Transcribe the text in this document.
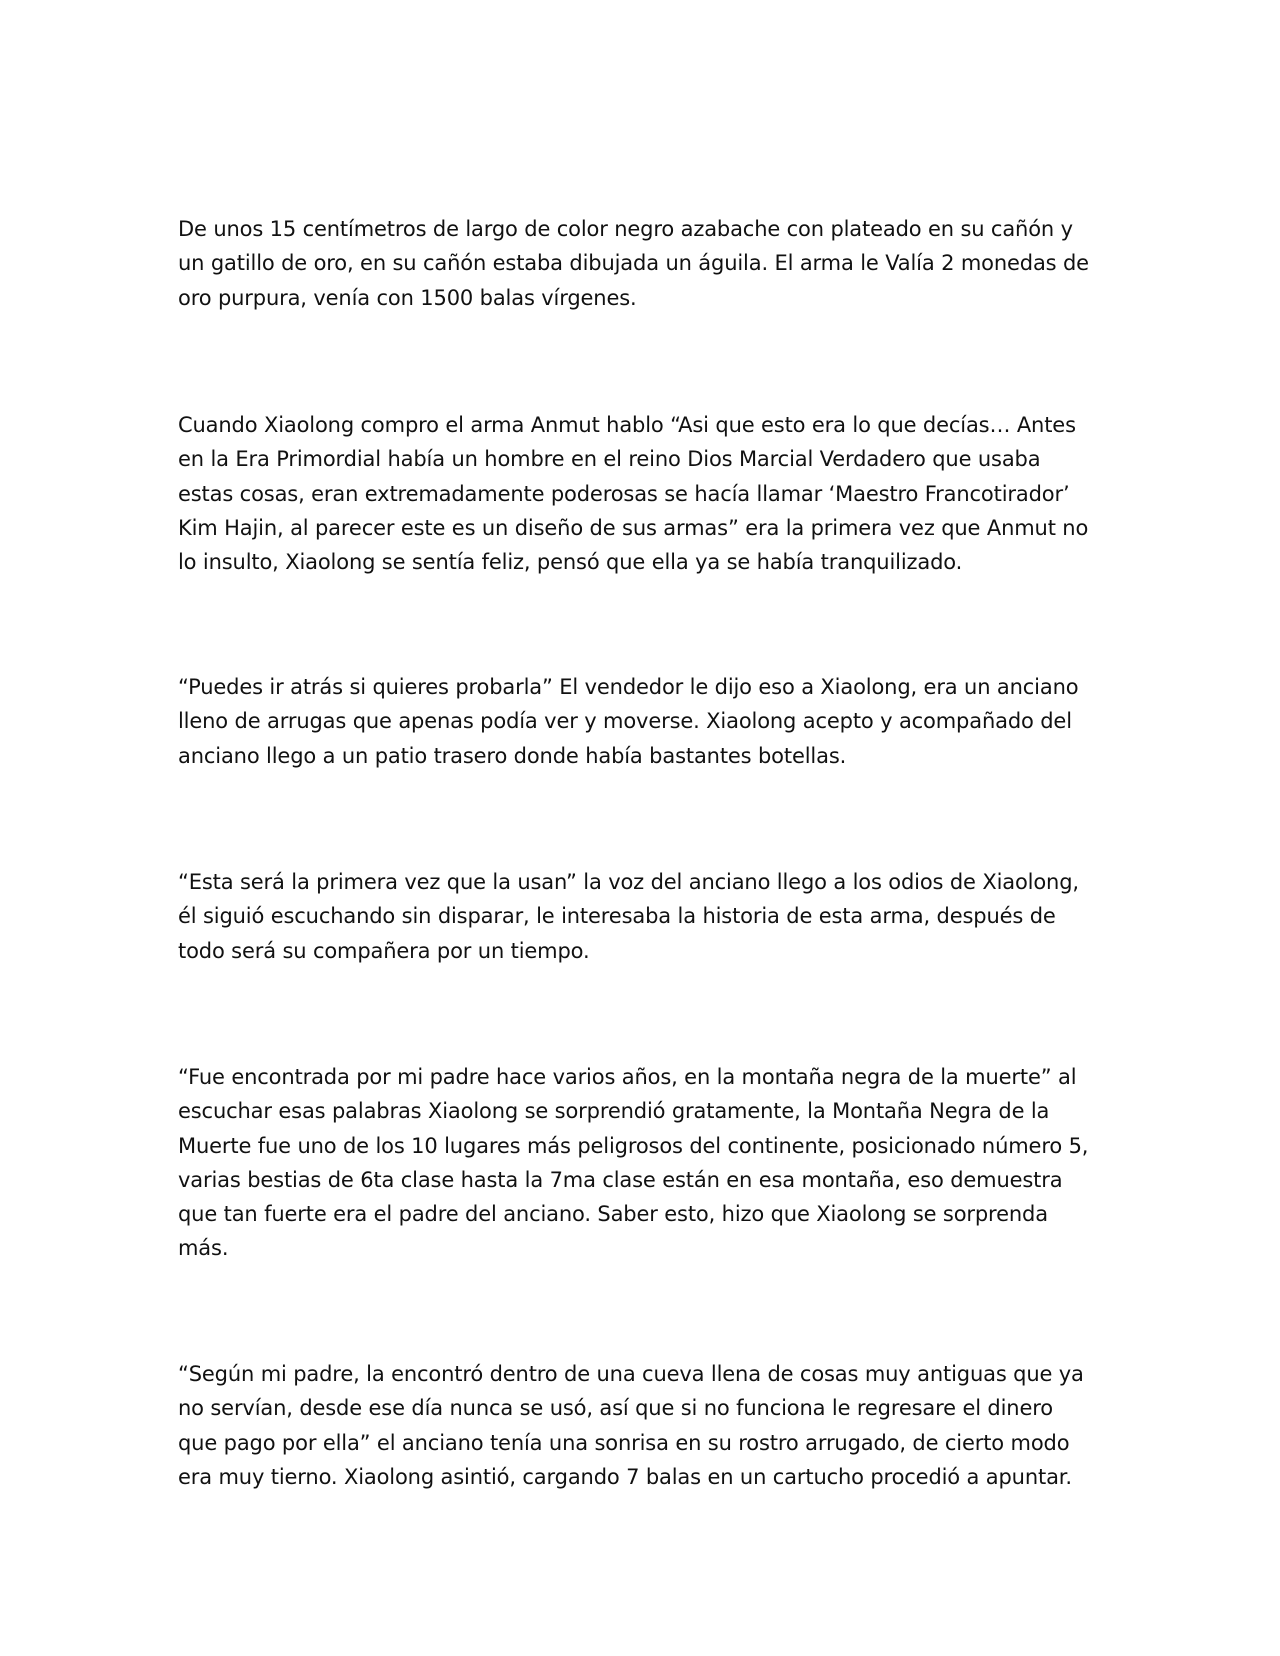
De unos 15 centímetros de largo de color negro azabache con plateado en su cañón y
un gatillo de oro, en su cañón estaba dibujada un águila. El arma le Valía 2 monedas de
oro purpura, venía con 1500 balas vírgenes.

Cuando Xiaolong compro el arma Anmut hablo “Asi que esto era lo que decías… Antes
en la Era Primordial había un hombre en el reino Dios Marcial Verdadero que usaba
estas cosas, eran extremadamente poderosas se hacía llamar ‘Maestro Francotirador’
Kim Hajin, al parecer este es un diseño de sus armas” era la primera vez que Anmut no
lo insulto, Xiaolong se sentía feliz, pensó que ella ya se había tranquilizado.

“Puedes ir atrás si quieres probarla” El vendedor le dijo eso a Xiaolong, era un anciano
lleno de arrugas que apenas podía ver y moverse. Xiaolong acepto y acompañado del
anciano llego a un patio trasero donde había bastantes botellas.

“Esta será la primera vez que la usan” la voz del anciano llego a los odios de Xiaolong,
él siguió escuchando sin disparar, le interesaba la historia de esta arma, después de
todo será su compañera por un tiempo.

“Fue encontrada por mi padre hace varios años, en la montaña negra de la muerte” al
escuchar esas palabras Xiaolong se sorprendió gratamente, la Montaña Negra de la
Muerte fue uno de los 10 lugares más peligrosos del continente, posicionado número 5,
varias bestias de 6ta clase hasta la 7ma clase están en esa montaña, eso demuestra
que tan fuerte era el padre del anciano. Saber esto, hizo que Xiaolong se sorprenda
más.

“Según mi padre, la encontró dentro de una cueva llena de cosas muy antiguas que ya
no servían, desde ese día nunca se usó, así que si no funciona le regresare el dinero
que pago por ella” el anciano tenía una sonrisa en su rostro arrugado, de cierto modo
era muy tierno. Xiaolong asintió, cargando 7 balas en un cartucho procedió a apuntar.
